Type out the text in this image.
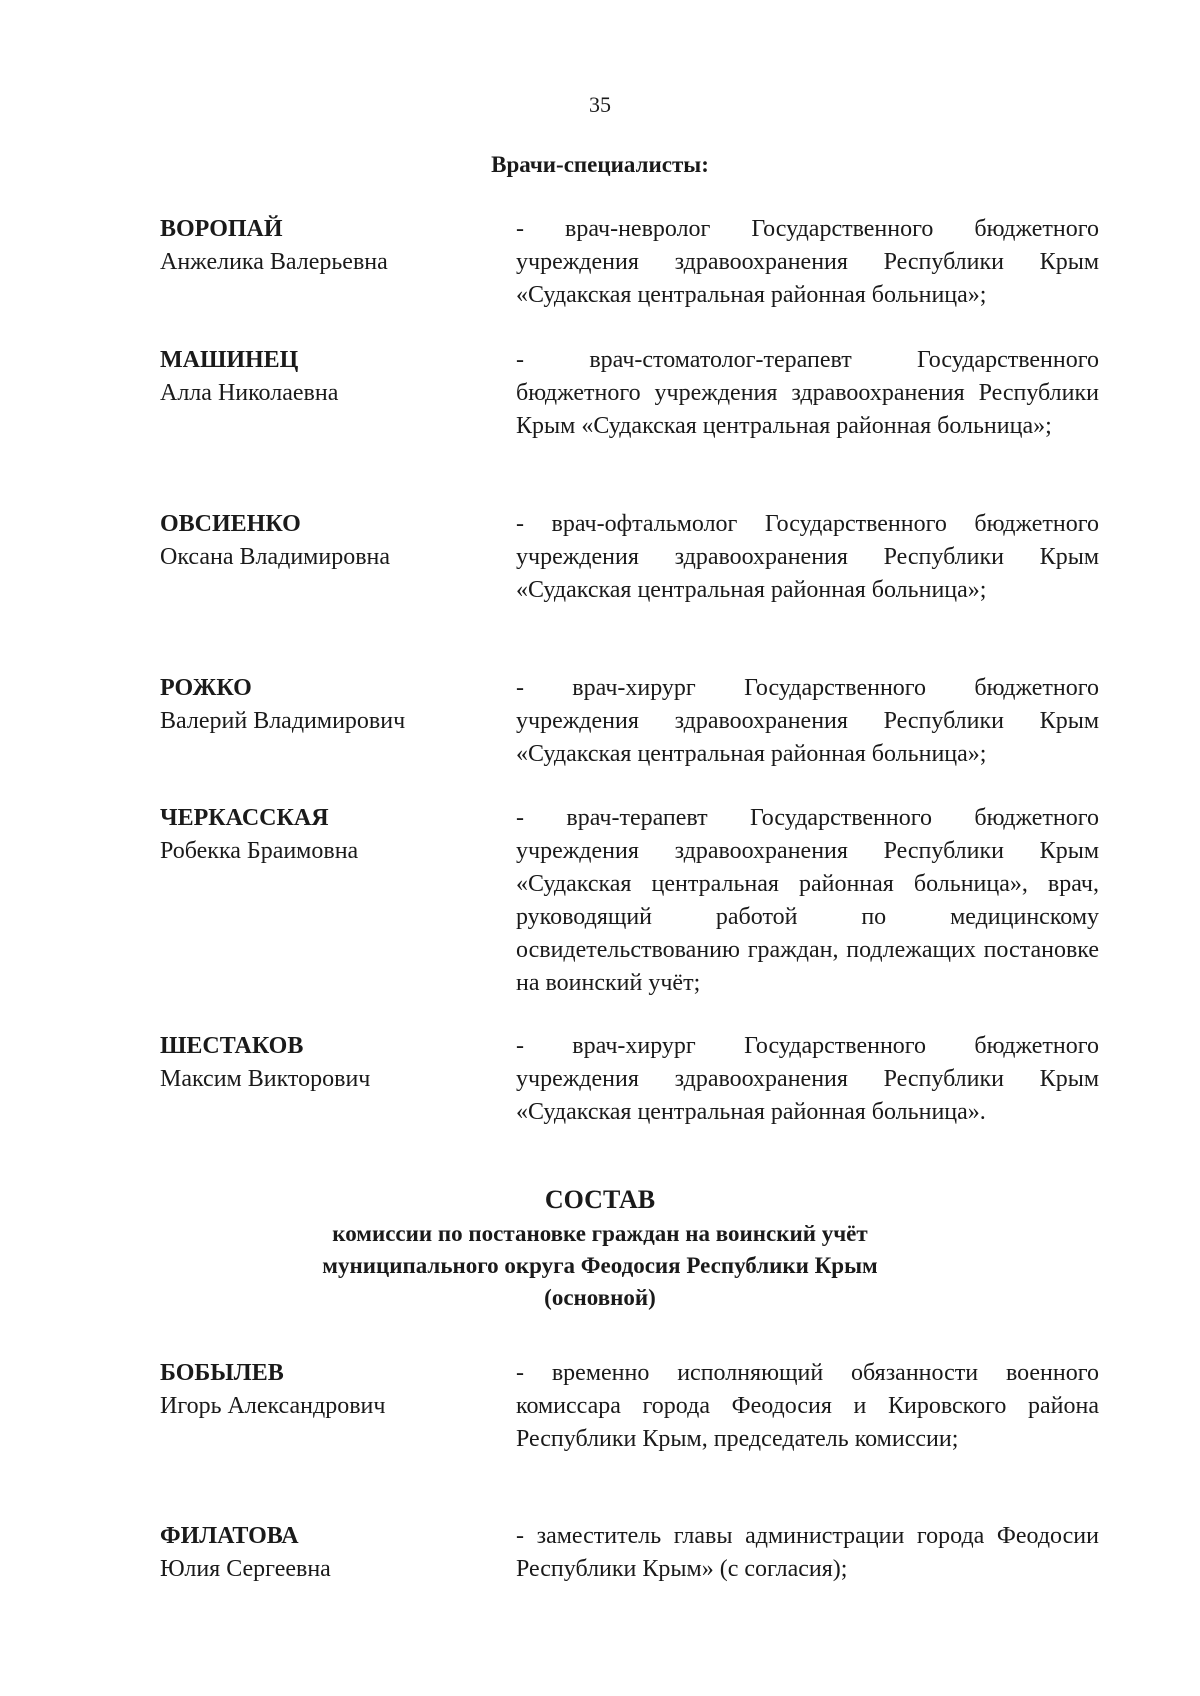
35
Врачи-специалисты:
ВОРОПАЙ
Анжелика Валерьевна
- врач-невролог Государственного бюджетного учреждения здравоохранения Республики Крым «Судакская центральная районная больница»;
МАШИНЕЦ
Алла Николаевна
- врач-стоматолог-терапевт Государственного бюджетного учреждения здравоохранения Республики Крым «Судакская центральная районная больница»;
ОВСИЕНКО
Оксана Владимировна
- врач-офтальмолог Государственного бюджетного учреждения здравоохранения Республики Крым «Судакская центральная районная больница»;
РОЖКО
Валерий Владимирович
- врач-хирург Государственного бюджетного учреждения здравоохранения Республики Крым «Судакская центральная районная больница»;
ЧЕРКАССКАЯ
Робекка Браимовна
- врач-терапевт Государственного бюджетного учреждения здравоохранения Республики Крым «Судакская центральная районная больница», врач, руководящий работой по медицинскому освидетельствованию граждан, подлежащих постановке на воинский учёт;
ШЕСТАКОВ
Максим Викторович
- врач-хирург Государственного бюджетного учреждения здравоохранения Республики Крым «Судакская центральная районная больница».
СОСТАВ
комиссии по постановке граждан на воинский учёт
муниципального округа Феодосия Республики Крым
(основной)
БОБЫЛЕВ
Игорь Александрович
- временно исполняющий обязанности военного комиссара города Феодосия и Кировского района Республики Крым, председатель комиссии;
ФИЛАТОВА
Юлия Сергеевна
- заместитель главы администрации города Феодосии Республики Крым» (с согласия);
